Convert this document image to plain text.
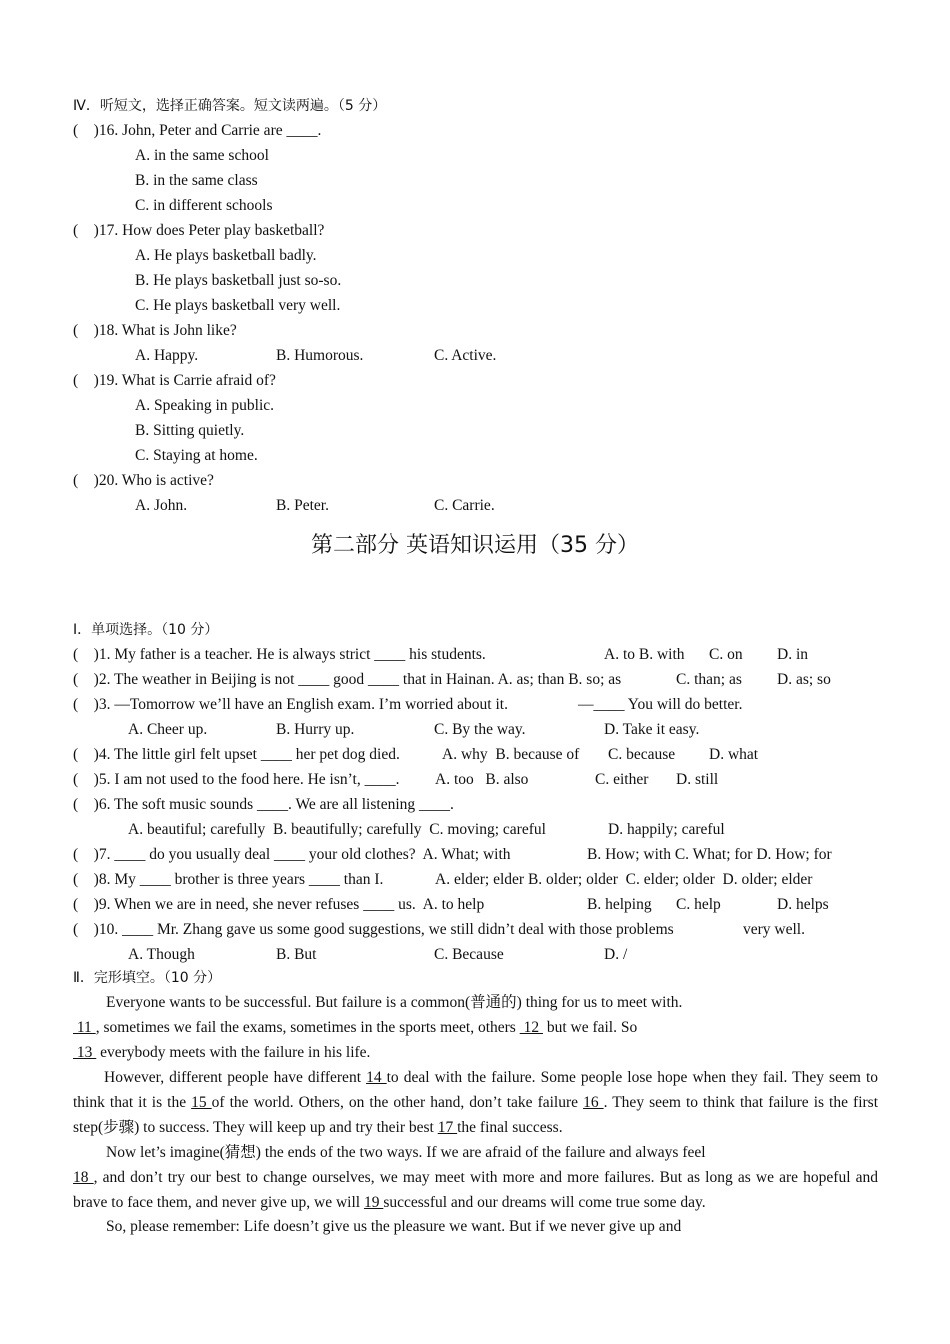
Ⅳ．听短文，选择正确答案。短文读两遍。（5 分）
(    )16. John, Peter and Carrie are ____.
A. in the same school
B. in the same class
C. in different schools
(    )17. How does Peter play basketball?
A. He plays basketball badly.
B. He plays basketball just so-so.
C. He plays basketball very well.
(    )18. What is John like?
A. Happy.	B. Humorous.	C. Active.
(    )19. What is Carrie afraid of?
A. Speaking in public.
B. Sitting quietly.
C. Staying at home.
(    )20. Who is active?
A. John.	B. Peter.	C. Carrie.
第二部分 英语知识运用（35 分）
Ⅰ．单项选择。（10 分）
(    )1. My father is a teacher. He is always strict ____ his students.	A. to B. with C. on D. in
(    )2. The weather in Beijing is not ____ good ____ that in Hainan. A. as; than B. so; as	C. than; as D. as; so
(    )3. —Tomorrow we’ll have an English exam. I’m worried about it.	—____ You will do better.
A. Cheer up.	B. Hurry up.	C. By the way.	D. Take it easy.
(    )4. The little girl felt upset ____ her pet dog died.	A. why  B. because of C. because D. what
(    )5. I am not used to the food here. He isn’t, ____. A. too   B. also	C. either D. still
(    )6. The soft music sounds ____. We are all listening ____.
A. beautiful; carefully  B. beautifully; carefully  C. moving; careful	D. happily; careful
(    )7. ____ do you usually deal ____ your old clothes?  A. What; with	B. How; with C. What; for D. How; for
(    )8. My ____ brother is three years ____ than I.	A. elder; elder B. older; older  C. elder; older  D. older; elder
(    )9. When we are in need, she never refuses ____ us.  A. to help	B. helping C. help	D. helps
(    )10. ____ Mr. Zhang gave us some good suggestions, we still didn’t deal with those problems	very well.
A. Though	B. But	C. Because	D. /
Ⅱ．完形填空。（10 分）
Everyone wants to be successful. But failure is a common(普通的) thing for us to meet with.
11 , sometimes we fail the exams, sometimes in the sports meet, others  12  but we fail. So
13  everybody meets with the failure in his life.
However, different people have different 14 to deal with the failure. Some people lose hope when they fail. They seem to think that it is the 15 of the world. Others, on the other hand, don’t take failure 16 . They seem to think that failure is the first step(步骤) to success. They will keep up and try their best 17 the final success.
Now let’s imagine(猜想) the ends of the two ways. If we are afraid of the failure and always feel
18 , and don’t try our best to change ourselves, we may meet with more and more failures. But as long as we are hopeful and brave to face them, and never give up, we will 19 successful and our dreams will come true some day.
So, please remember: Life doesn’t give us the pleasure we want. But if we never give up and
